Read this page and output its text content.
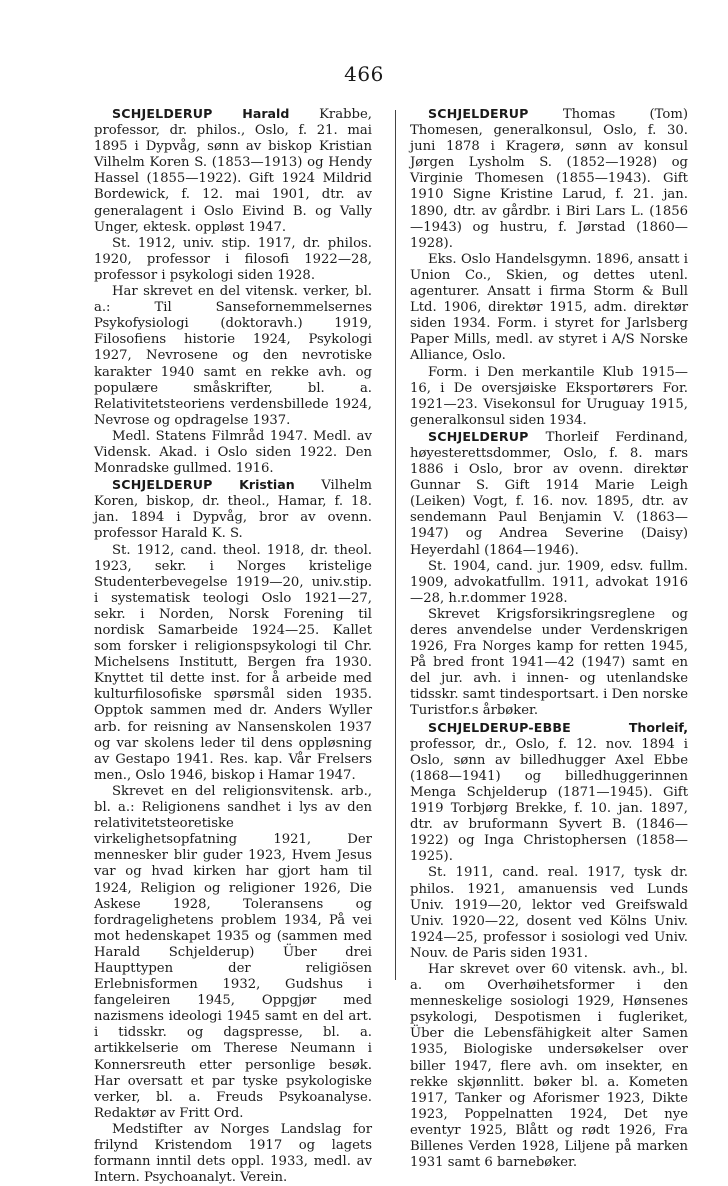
466
SCHJELDERUP Harald Krabbe, professor, dr. philos., Oslo, f. 21. mai 1895 i Dypvåg, sønn av biskop Kristian Vilhelm Koren S. (1853—1913) og Hendy Hassel (1855—1922). Gift 1924 Mildrid Bordewick, f. 12. mai 1901, dtr. av generalagent i Oslo Eivind B. og Vally Unger, ektesk. oppløst 1947.

St. 1912, univ. stip. 1917, dr. philos. 1920, professor i filosofi 1922—28, professor i psykologi siden 1928.

Har skrevet en del vitensk. verker, bl. a.: Til Sansefornemmelsernes Psykofysiologi (doktoravh.) 1919, Filosofiens historie 1924, Psykologi 1927, Nevrosene og den nevrotiske karakter 1940 samt en rekke avh. og populære småskrifter, bl. a. Relativitetsteoriens verdensbillede 1924, Nevrose og opdragelse 1937.

Medl. Statens Filmråd 1947. Medl. av Vidensk. Akad. i Oslo siden 1922. Den Monradske gullmed. 1916.

SCHJELDERUP Kristian Vilhelm Koren, biskop, dr. theol., Hamar, f. 18. jan. 1894 i Dypvåg, bror av ovenn. professor Harald K. S.

St. 1912, cand. theol. 1918, dr. theol. 1923, sekr. i Norges kristelige Studenterbevegelse 1919—20, univ.stip. i systematisk teologi Oslo 1921—27, sekr. i Norden, Norsk Forening til nordisk Samarbeide 1924—25. Kallet som forsker i religionspsykologi til Chr. Michelsens Institutt, Bergen fra 1930. Knyttet til dette inst. for å arbeide med kulturfilosofiske spørsmål siden 1935. Opptok sammen med dr. Anders Wyller arb. for reisning av Nansenskolen 1937 og var skolens leder til dens oppløsning av Gestapo 1941. Res. kap. Vår Frelsers men., Oslo 1946, biskop i Hamar 1947.

Skrevet en del religionsvitensk. arb., bl. a.: Religionens sandhet i lys av den relativitetsteoretiske virkelighetsopfatning 1921, Der mennesker blir guder 1923, Hvem Jesus var og hvad kirken har gjort ham til 1924, Religion og religioner 1926, Die Askese 1928, Toleransens og fordragelighetens problem 1934, På vei mot hedenskapet 1935 og (sammen med Harald Schjelderup) Über drei Haupttypen der religiösen Erlebnisformen 1932, Gudshus i fangeleiren 1945, Oppgjør med nazismens ideologi 1945 samt en del art. i tidsskr. og dagspresse, bl. a. artikkelserie om Therese Neumann i Konnersreuth etter personlige besøk. Har oversatt et par tyske psykologiske verker, bl. a. Freuds Psykoanalyse. Redaktør av Fritt Ord.

Medstifter av Norges Landslag for frilynd Kristendom 1917 og lagets formann inntil dets oppl. 1933, medl. av Intern. Psychoanalyt. Verein.

SCHJELDERUP	Thomas (Tom) Thomesen, generalkonsul, Oslo, f. 30. juni 1878 i Kragerø, sønn av konsul Jørgen Lysholm S. (1852—1928) og Virginie Thomesen (1855—1943). Gift 1910 Signe Kristine Larud, f. 21. jan. 1890, dtr. av gårdbr. i Biri Lars L. (1856—1943) og hustru, f. Jørstad (1860—1928).

Eks. Oslo Handelsgymn. 1896, ansatt i Union Co., Skien, og dettes utenl. agenturer. Ansatt i firma Storm & Bull Ltd. 1906, direktør 1915, adm. direktør siden 1934. Form. i styret for Jarlsberg Paper Mills, medl. av styret i A/S Norske Alliance, Oslo.

Form. i Den merkantile Klub 1915—16, i De oversjøiske Eksportørers For. 1921—23. Visekonsul for Uruguay 1915, generalkonsul siden 1934.

SCHJELDERUP Thorleif Ferdinand, høyesterettsdommer, Oslo, f. 8. mars 1886 i Oslo, bror av ovenn. direktør Gunnar S. Gift 1914 Marie Leigh (Leiken) Vogt, f. 16. nov. 1895, dtr. av sendemann Paul Benjamin V. (1863—1947) og Andrea Severine (Daisy) Heyerdahl (1864—1946).

St. 1904, cand. jur. 1909, edsv. fullm. 1909, advokatfullm. 1911, advokat 1916—28, h.r.dommer 1928.

Skrevet Krigsforsikringsreglene og deres anvendelse under Verdenskrigen 1926, Fra Norges kamp for retten 1945, På bred front 1941—42 (1947) samt en del jur. avh. i innen- og utenlandske tidsskr. samt tindesportsart. i Den norske Turistfor.s årbøker.

SCHJELDERUP-EBBE	Thorleif, professor, dr., Oslo, f. 12. nov. 1894 i Oslo, sønn av billedhugger Axel Ebbe (1868—1941) og billedhuggerinnen Menga Schjelderup (1871—1945). Gift 1919 Torbjørg Brekke, f. 10. jan. 1897, dtr. av bruformann Syvert B. (1846—1922) og Inga Christophersen (1858—1925).

St. 1911, cand. real. 1917, tysk dr. philos. 1921, amanuensis ved Lunds Univ. 1919—20, lektor ved Greifswald Univ. 1920—22, dosent ved Kölns Univ. 1924—25, professor i sosiologi ved Univ. Nouv. de Paris siden 1931.

Har skrevet over 60 vitensk. avh., bl. a. om Overhøihetsformer i den menneskelige sosiologi 1929, Hønsenes psykologi, Despotismen i fugleriket, Über die Lebensfähigkeit alter Samen 1935, Biologiske undersøkelser over biller 1947, flere avh. om insekter, en rekke skjønnlitt. bøker bl. a. Kometen 1917, Tanker og Aforismer 1923, Dikte 1923, Poppelnatten 1924, Det nye eventyr 1925, Blått og rødt 1926, Fra Billenes Verden 1928, Liljene på marken 1931 samt 6 barnebøker.
